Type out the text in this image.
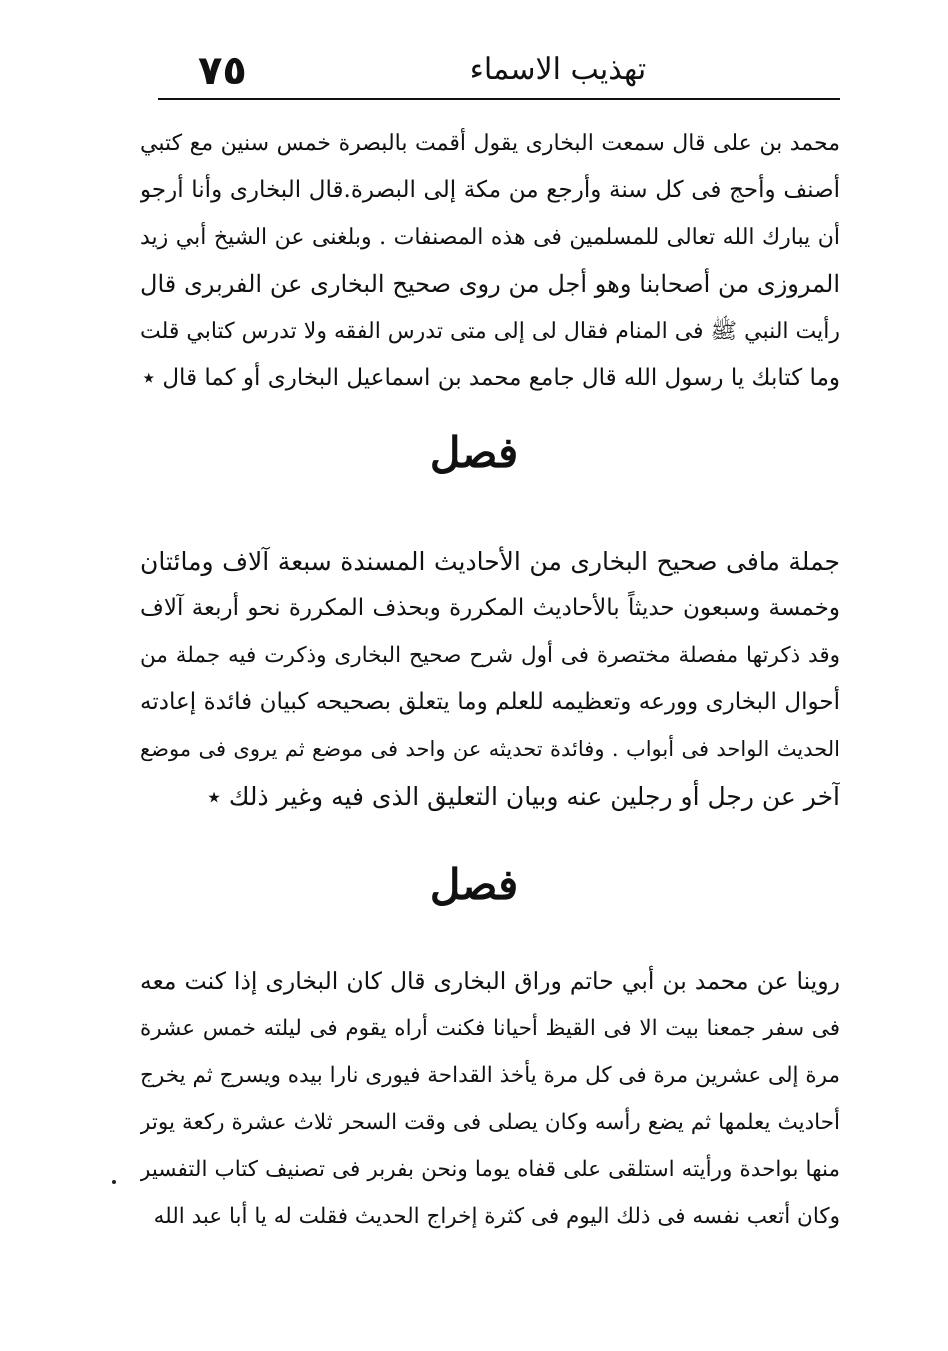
٧٥	تهذيب الاسماء
محمد بن على قال سمعت البخارى يقول أقمت بالبصرة خمس سنين مع كتبي
أصنف وأحج فى كل سنة وأرجع من مكة إلى البصرة.قال البخارى وأنا أرجو
أن يبارك الله تعالى للمسلمين فى هذه المصنفات . وبلغنى عن الشيخ أبي زيد
المروزى من أصحابنا وهو أجل من روى صحيح البخارى عن الفربرى قال
رأيت النبي ﷺ فى المنام فقال لى إلى متى تدرس الفقه ولا تدرس كتابي قلت
وما كتابك يا رسول الله قال جامع محمد بن اسماعيل البخارى أو كما قال ٭
فصل
جملة مافى صحيح البخارى من الأحاديث المسندة سبعة آلاف ومائتان
وخمسة وسبعون حديثاً بالأحاديث المكررة وبحذف المكررة نحو أربعة آلاف
وقد ذكرتها مفصلة مختصرة فى أول شرح صحيح البخارى وذكرت فيه جملة من
أحوال البخارى وورعه وتعظيمه للعلم وما يتعلق بصحيحه كبيان فائدة إعادته
الحديث الواحد فى أبواب . وفائدة تحديثه عن واحد فى موضع ثم يروى فى موضع
آخر عن رجل أو رجلين عنه وبيان التعليق الذى فيه وغير ذلك ٭
فصل
روينا عن محمد بن أبي حاتم وراق البخارى قال كان البخارى إذا كنت معه
فى سفر جمعنا بيت الا فى القيظ أحيانا فكنت أراه يقوم فى ليلته خمس عشرة
مرة إلى عشرين مرة فى كل مرة يأخذ القداحة فيورى نارا بيده ويسرج ثم يخرج
أحاديث يعلمها ثم يضع رأسه وكان يصلى فى وقت السحر ثلاث عشرة ركعة يوتر
منها بواحدة ورأيته استلقى على قفاه يوما ونحن بفربر فى تصنيف كتاب التفسير
وكان أتعب نفسه فى ذلك اليوم فى كثرة إخراج الحديث فقلت له يا أبا عبد الله
